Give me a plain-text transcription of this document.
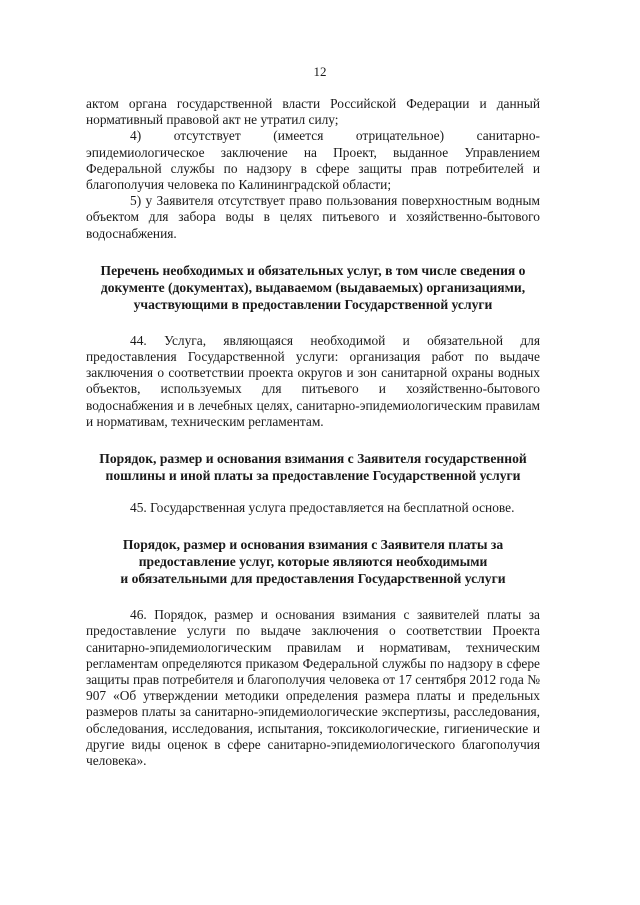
12

актом органа государственной власти Российской Федерации и данный нормативный правовой акт не утратил силу;

4) отсутствует (имеется отрицательное) санитарно-эпидемиологическое заключение на Проект, выданное Управлением Федеральной службы по надзору в сфере защиты прав потребителей и благополучия человека по Калининградской области;

5) у Заявителя отсутствует право пользования поверхностным водным объектом для забора воды в целях питьевого и хозяйственно-бытового водоснабжения.

Перечень необходимых и обязательных услуг, в том числе сведения о
документе (документах), выдаваемом (выдаваемых) организациями,
участвующими в предоставлении Государственной услуги

44. Услуга, являющаяся необходимой и обязательной для предоставления Государственной услуги: организация работ по выдаче заключения о соответствии проекта округов и зон санитарной охраны водных объектов, используемых для питьевого и хозяйственно-бытового водоснабжения и в лечебных целях, санитарно-эпидемиологическим правилам и нормативам, техническим регламентам.

Порядок, размер и основания взимания с Заявителя государственной
пошлины и иной платы за предоставление Государственной услуги

45. Государственная услуга предоставляется на бесплатной основе.

Порядок, размер и основания взимания с Заявителя платы за
предоставление услуг, которые являются необходимыми
и обязательными для предоставления Государственной услуги

46. Порядок, размер и основания взимания с заявителей платы за предоставление услуги по выдаче заключения о соответствии Проекта санитарно-эпидемиологическим правилам и нормативам, техническим регламентам определяются приказом Федеральной службы по надзору в сфере защиты прав потребителя и благополучия человека от 17 сентября 2012 года № 907 «Об утверждении методики определения размера платы и предельных размеров платы за санитарно-эпидемиологические экспертизы, расследования, обследования, исследования, испытания, токсикологические, гигиенические и другие виды оценок в сфере санитарно-эпидемиологического благополучия человека».
